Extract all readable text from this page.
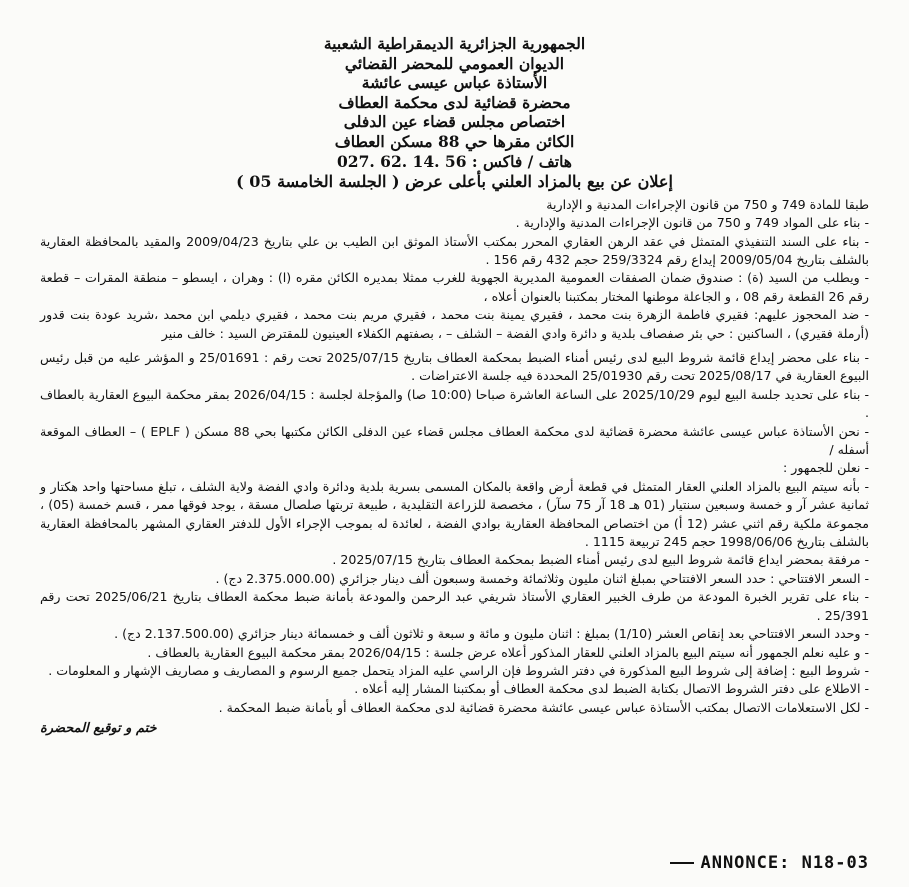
الجمهورية الجزائرية الديمقراطية الشعبية
الديوان العمومي للمحضر القضائي
الأستاذة عباس عيسى عائشة
محضرة قضائية لدى محكمة العطاف
اختصاص مجلس قضاء عين الدفلى
الكائن مقرها حي 88 مسكن العطاف
هاتف / فاكس : 56 .14 .62 .027
إعلان عن بيع بالمزاد العلني بأعلى عرض ( الجلسة الخامسة 05 )

طبقا للمادة 749 و 750 من قانون الإجراءات المدنية و الإدارية

- بناء على المواد 749 و 750 من قانون الإجراءات المدنية والإدارية .

- بناء على السند التنفيذي المتمثل في عقد الرهن العقاري المحرر بمكتب الأستاذ الموثق ابن الطيب بن علي بتاريخ 2009/04/23 والمقيد بالمحافظة العقارية بالشلف بتاريخ 2009/05/04 إيداع رقم 259/3324 حجم 432 رقم 156 .

- ويطلب من السيد (ة) : صندوق ضمان الصفقات العمومية المديرية الجهوية للغرب ممثلا بمديره الكائن مقره (ا) : وهران ، ايسطو – منطقة المقرات – قطعة رقم 26 القطعة رقم 08 ، و الجاعلة موطنها المختار بمكتبنا بالعنوان أعلاه ،

- ضد المحجوز عليهم: فقيري فاطمة الزهرة بنت محمد ، فقيري يمينة بنت محمد ، فقيري مريم بنت محمد ، فقيري ديلمي ابن محمد ،شريد عودة بنت قدور (أرملة فقيري) ، الساكنين : حي بئر صفصاف بلدية و دائرة وادي الفضة – الشلف – ، بصفتهم الكفلاء العينيون للمقترض السيد : خالف منير

- بناء على محضر إيداع قائمة شروط البيع لدى رئيس أمناء الضبط بمحكمة العطاف بتاريخ 2025/07/15 تحت رقم : 25/01691 و المؤشر عليه من قبل رئيس البيوع العقارية في 2025/08/17 تحت رقم 25/01930 المحددة فيه جلسة الاعتراضات .

- بناء على تحديد جلسة البيع ليوم 2025/10/29 على الساعة العاشرة صباحا (10:00 صا) والمؤجلة لجلسة : 2026/04/15 بمقر محكمة البيوع العقارية بالعطاف .

- نحن الأستاذة عباس عيسى عائشة محضرة قضائية لدى محكمة العطاف مجلس قضاء عين الدفلى الكائن مكتبها بحي 88 مسكن ( EPLF ) – العطاف الموقعة أسفله /

- نعلن للجمهور :

- بأنه سيتم البيع بالمزاد العلني العقار المتمثل في قطعة أرض واقعة بالمكان المسمى بسرية بلدية ودائرة وادي الفضة ولاية الشلف ، تبلغ مساحتها واحد هكتار و ثمانية عشر آر و خمسة وسبعين سنتيار (01 هـ 18 آر 75 سآر) ، مخصصة للزراعة التقليدية ، طبيعة تربتها صلصال مسقة ، يوجد فوقها ممر ، قسم خمسة (05) ، مجموعة ملكية رقم اثني عشر (12 أ) من اختصاص المحافظة العقارية بوادي الفضة ، لعائدة له بموجب الإجراء الأول للدفتر العقاري المشهر بالمحافظة العقارية بالشلف بتاريخ 1998/06/06 حجم 245 تربيعة 1115 .

- مرفقة بمحضر ايداع قائمة شروط البيع لدى رئيس أمناء الضبط بمحكمة العطاف بتاريخ 2025/07/15 .

- السعر الافتتاحي : حدد السعر الافتتاحي بمبلغ اثنان مليون وثلاثمائة وخمسة وسبعون ألف دينار جزائري (2.375.000.00 دج) .

- بناء على تقرير الخبرة المودعة من طرف الخبير العقاري الأستاذ شريفي عبد الرحمن والمودعة بأمانة ضبط محكمة العطاف بتاريخ 2025/06/21 تحت رقم 25/391 .

- وحدد السعر الافتتاحي بعد إنقاص العشر (1/10) بمبلغ : اثنان مليون و مائة و سبعة و ثلاثون ألف و خمسمائة دينار جزائري (2.137.500.00 دج) .

- و عليه نعلم الجمهور أنه سيتم البيع بالمزاد العلني للعقار المذكور أعلاه عرض جلسة : 2026/04/15 بمقر محكمة البيوع العقارية بالعطاف .

- شروط البيع : إضافة إلى شروط البيع المذكورة في دفتر الشروط فإن الراسي عليه المزاد يتحمل جميع الرسوم و المصاريف و مصاريف الإشهار و المعلومات .

- الاطلاع على دفتر الشروط الاتصال بكتابة الضبط لدى محكمة العطاف أو بمكتبنا المشار إليه أعلاه .

- لكل الاستعلامات الاتصال بمكتب الأستاذة عباس عيسى عائشة محضرة قضائية لدى محكمة العطاف أو بأمانة ضبط المحكمة .

ختم و توقيع المحضرة
ANNONCE: N18-03
